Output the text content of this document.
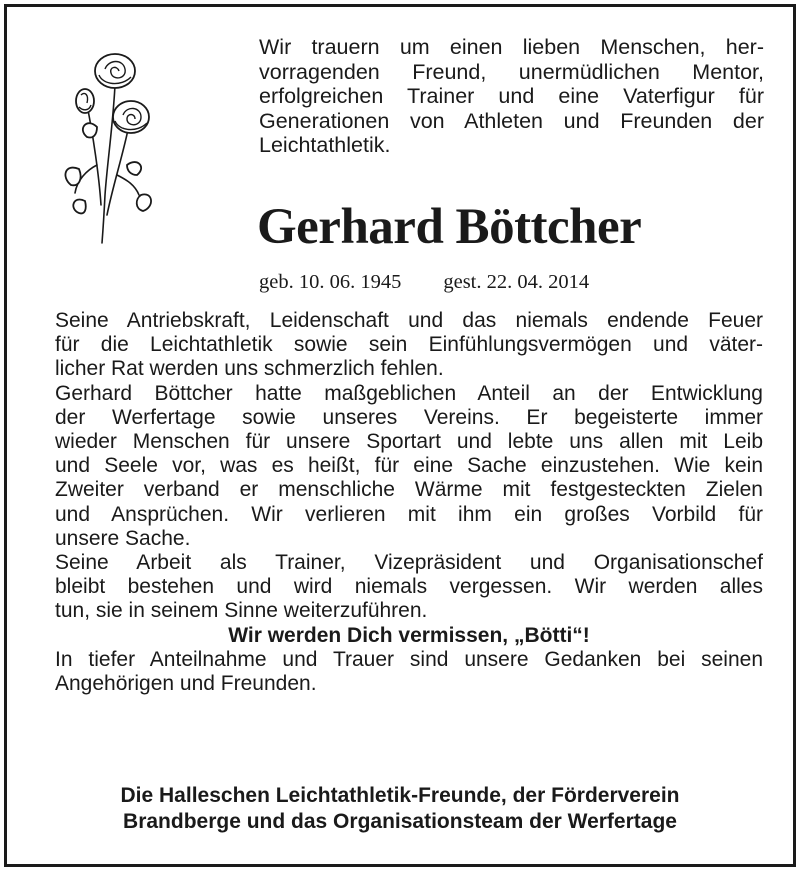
Wir trauern um einen lieben Menschen, her-
vorragenden Freund, unermüdlichen Mentor,
erfolgreichen Trainer und eine Vaterfigur für
Generationen von Athleten und Freunden der
Leichtathletik.
Gerhard Böttcher
geb. 10. 06. 1945 gest. 22. 04. 2014
Seine Antriebskraft, Leidenschaft und das niemals endende Feuer
für die Leichtathletik sowie sein Einfühlungsvermögen und väter-
licher Rat werden uns schmerzlich fehlen.
Gerhard Böttcher hatte maßgeblichen Anteil an der Entwicklung
der Werfertage sowie unseres Vereins. Er begeisterte immer
wieder Menschen für unsere Sportart und lebte uns allen mit Leib
und Seele vor, was es heißt, für eine Sache einzustehen. Wie kein
Zweiter verband er menschliche Wärme mit festgesteckten Zielen
und Ansprüchen. Wir verlieren mit ihm ein großes Vorbild für
unsere Sache.
Seine Arbeit als Trainer, Vizepräsident und Organisationschef
bleibt bestehen und wird niemals vergessen. Wir werden alles
tun, sie in seinem Sinne weiterzuführen.
Wir werden Dich vermissen, „Bötti“!
In tiefer Anteilnahme und Trauer sind unsere Gedanken bei seinen
Angehörigen und Freunden.
Die Halleschen Leichtathletik-Freunde, der Förderverein
Brandberge und das Organisationsteam der Werfertage
